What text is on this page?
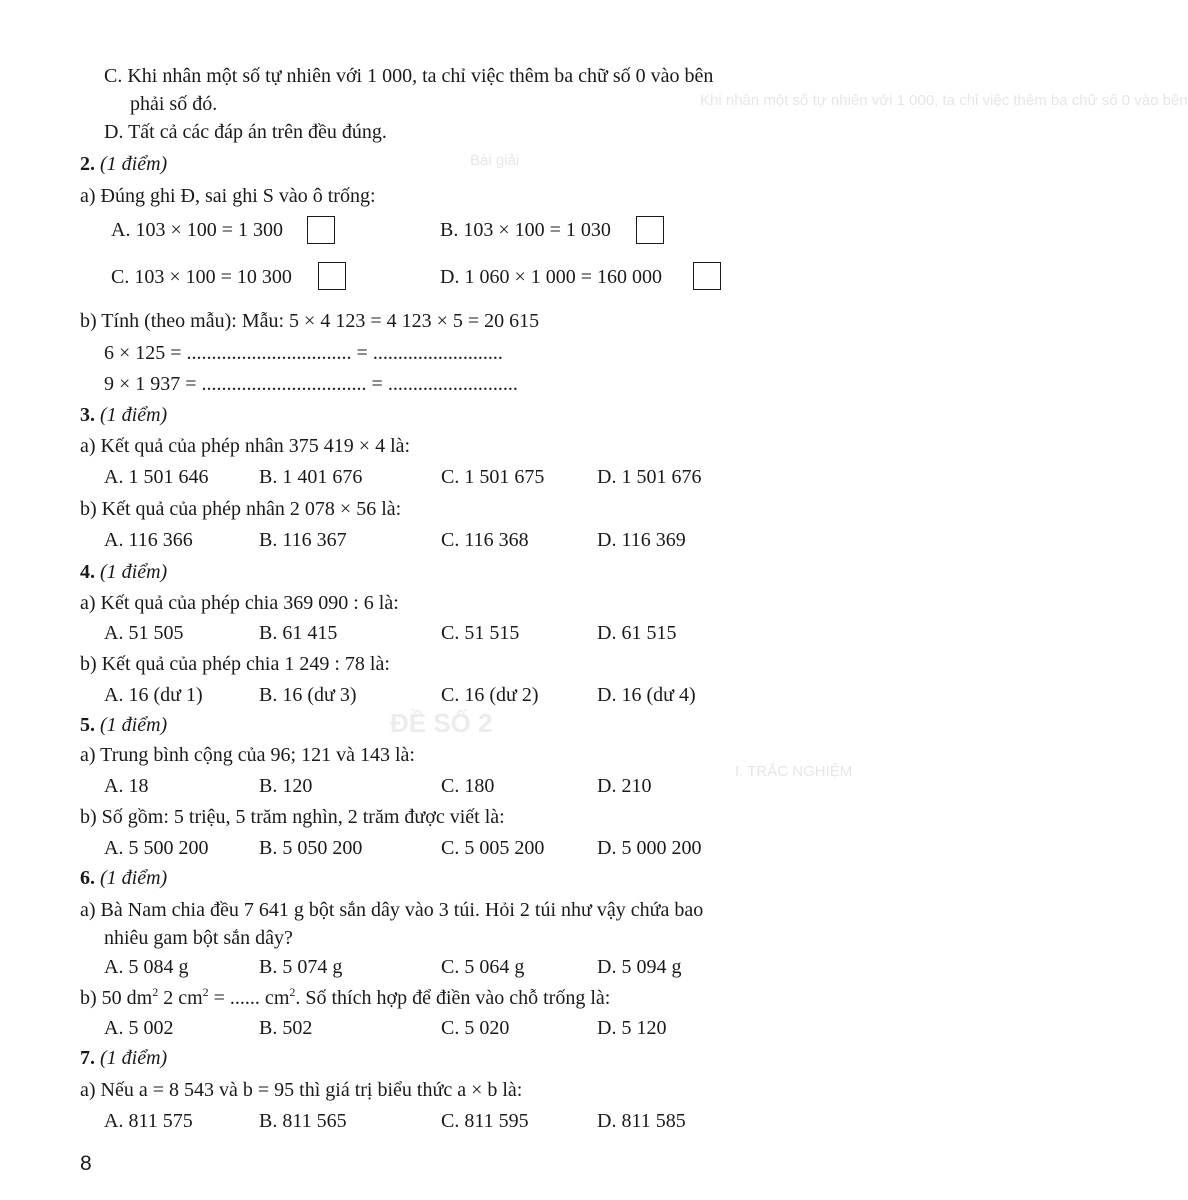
Khi nhân một số tự nhiên với 1 000, ta chỉ việc thêm ba chữ số 0 vào bên
Bài giải
ĐỀ SỐ 2
I. TRẮC NGHIỆM
C. Khi nhân một số tự nhiên với 1 000, ta chỉ việc thêm ba chữ số 0 vào bên
phải số đó.
D. Tất cả các đáp án trên đều đúng.
2. (1 điểm)
a) Đúng ghi Đ, sai ghi S vào ô trống:
A. 103 × 100 = 1 300	B. 103 × 100 = 1 030
C. 103 × 100 = 10 300	D. 1 060 × 1 000 = 160 000
b) Tính (theo mẫu): Mẫu: 5 × 4 123 = 4 123 × 5 = 20 615
6 × 125 = ................................. = ..........................
9 × 1 937 = ................................. = ..........................
3. (1 điểm)
a) Kết quả của phép nhân 375 419 × 4 là:
A. 1 501 646	B. 1 401 676	C. 1 501 675	D. 1 501 676
b) Kết quả của phép nhân 2 078 × 56 là:
A. 116 366	B. 116 367	C. 116 368	D. 116 369
4. (1 điểm)
a) Kết quả của phép chia 369 090 : 6 là:
A. 51 505	B. 61 415	C. 51 515	D. 61 515
b) Kết quả của phép chia 1 249 : 78 là:
A. 16 (dư 1)	B. 16 (dư 3)	C. 16 (dư 2)	D. 16 (dư 4)
5. (1 điểm)
a) Trung bình cộng của 96; 121 và 143 là:
A. 18	B. 120	C. 180	D. 210
b) Số gồm: 5 triệu, 5 trăm nghìn, 2 trăm được viết là:
A. 5 500 200	B. 5 050 200	C. 5 005 200	D. 5 000 200
6. (1 điểm)
a) Bà Nam chia đều 7 641 g bột sắn dây vào 3 túi. Hỏi 2 túi như vậy chứa bao
nhiêu gam bột sắn dây?
A. 5 084 g	B. 5 074 g	C. 5 064 g	D. 5 094 g
b) 50 $dm^2$ 2 $cm^2$ = ...... $cm^2$. Số thích hợp để điền vào chỗ trống là:
A. 5 002	B. 502	C. 5 020	D. 5 120
7. (1 điểm)
a) Nếu a = 8 543 và b = 95 thì giá trị biểu thức a × b là:
A. 811 575	B. 811 565	C. 811 595	D. 811 585
8
